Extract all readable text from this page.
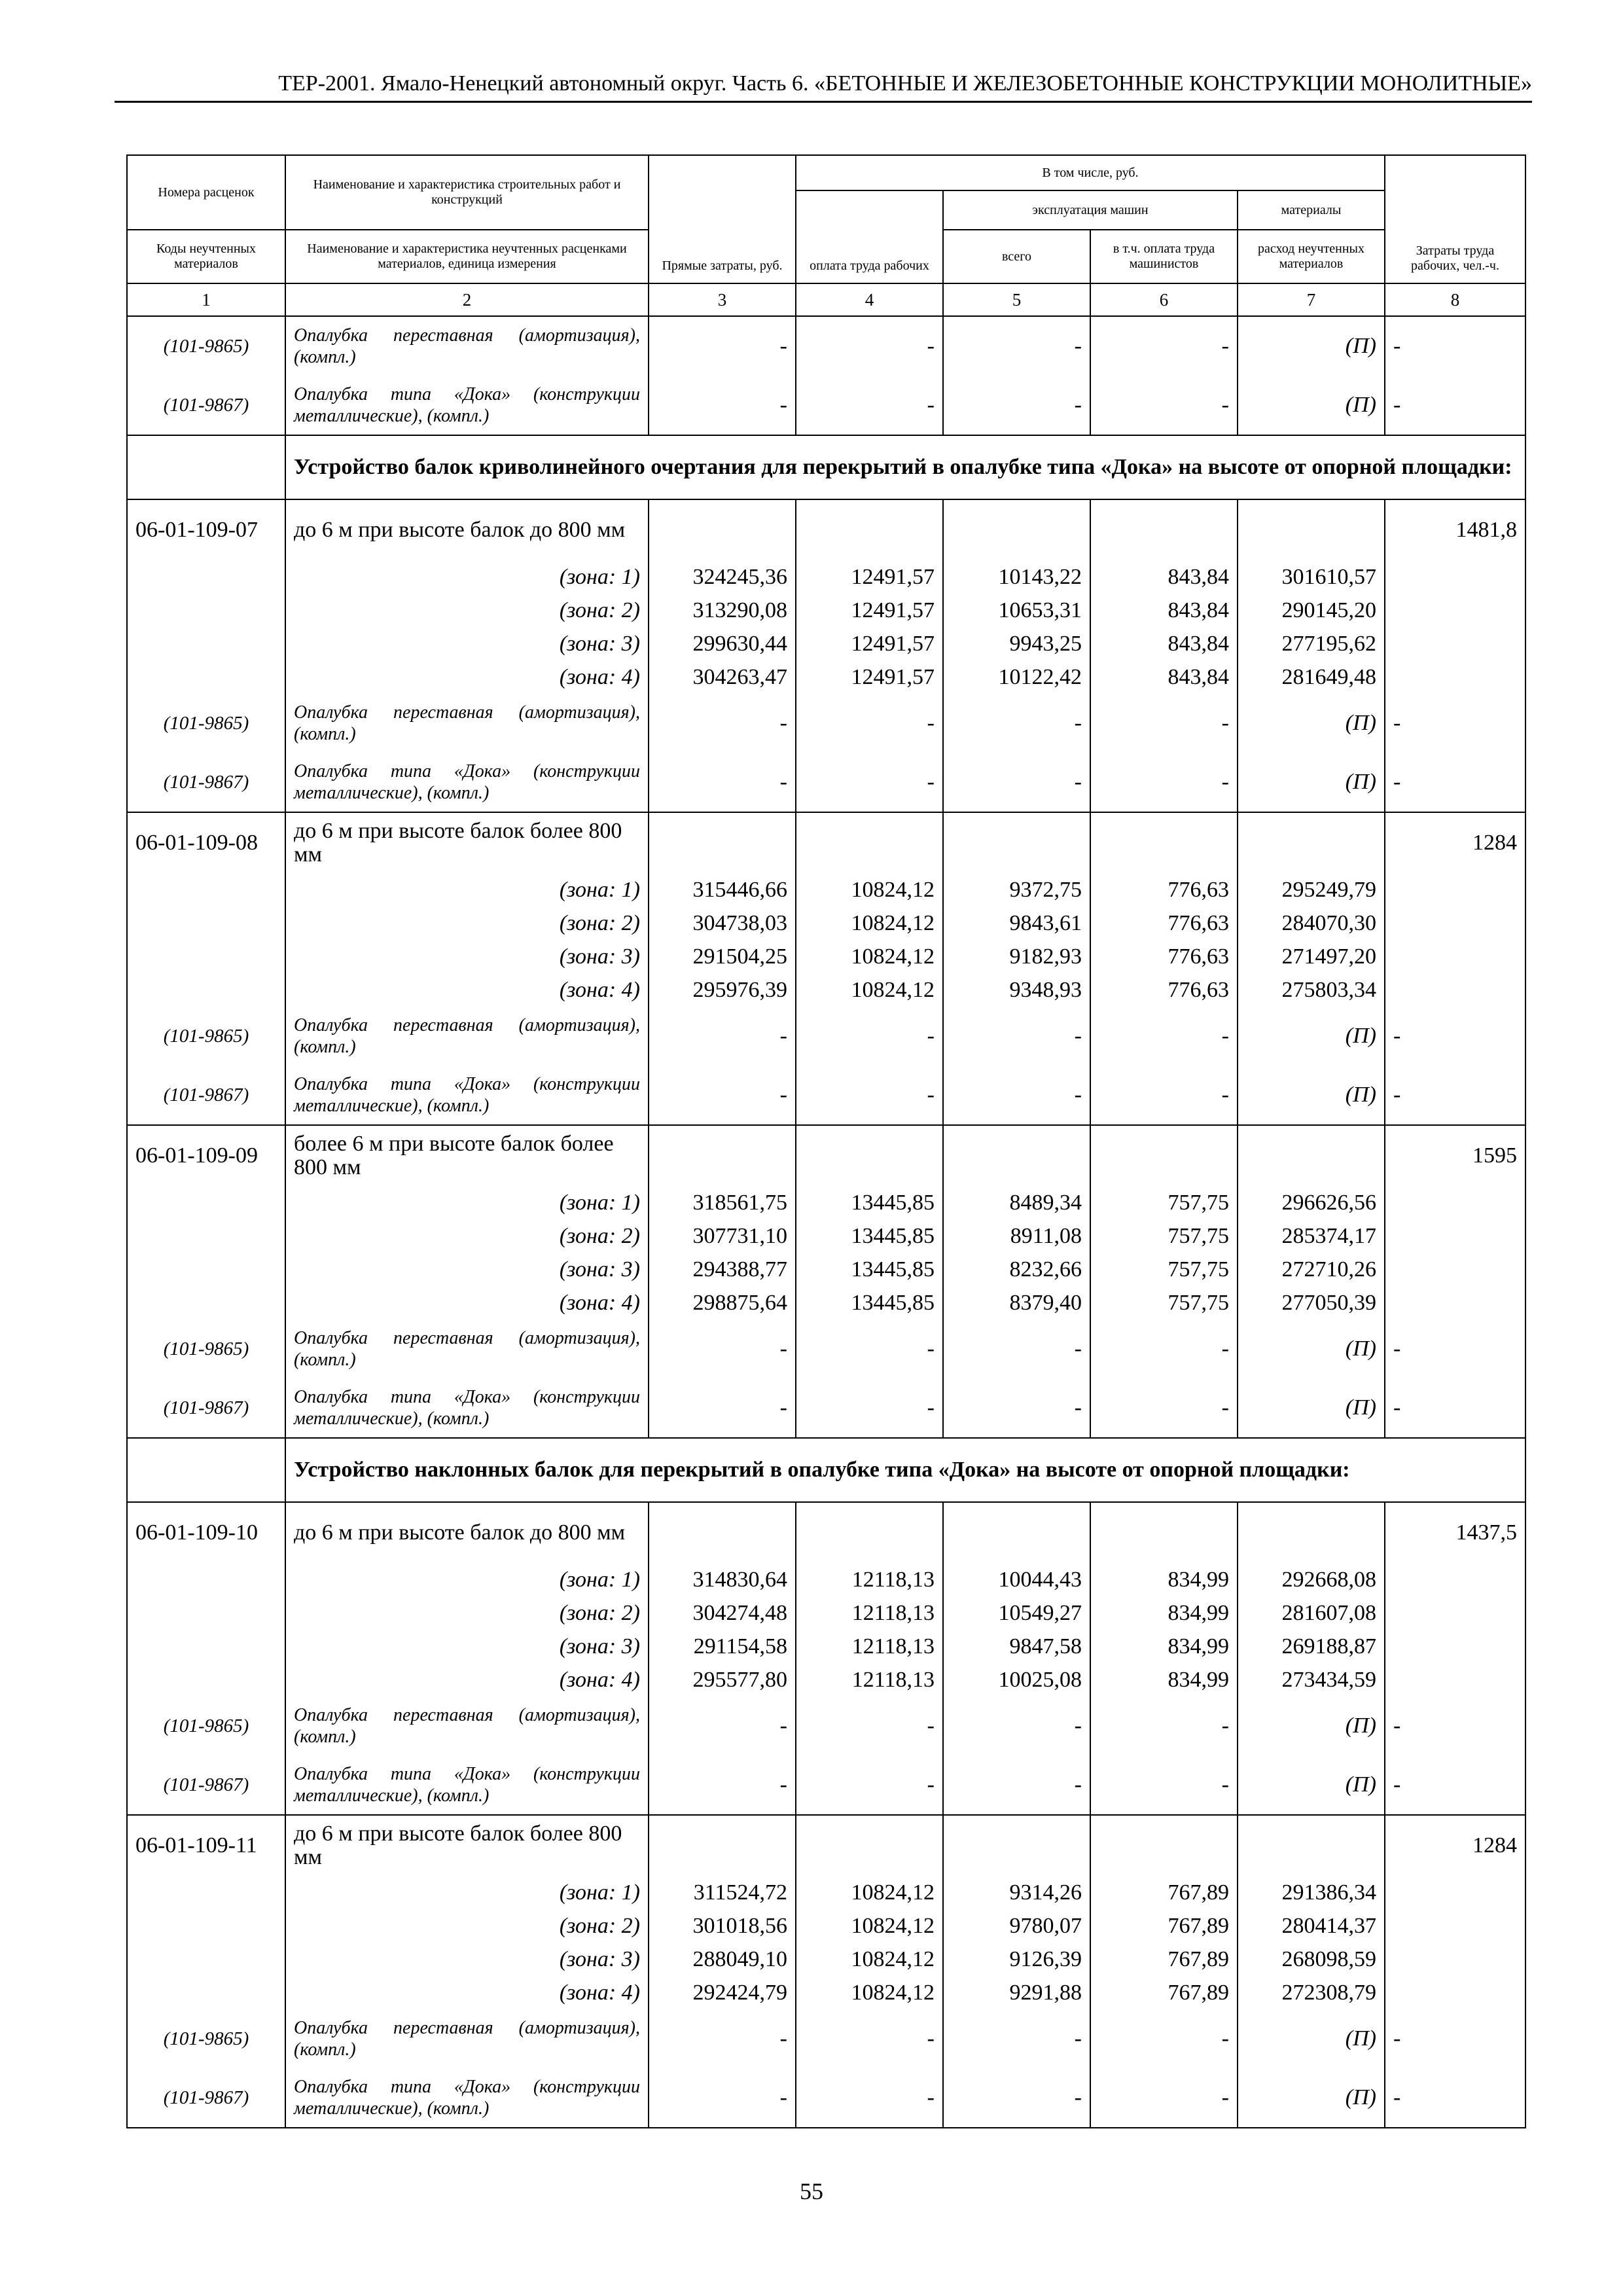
ТЕР-2001. Ямало-Ненецкий автономный округ. Часть 6. «БЕТОННЫЕ И ЖЕЛЕЗОБЕТОННЫЕ КОНСТРУКЦИИ МОНОЛИТНЫЕ»
Номера расценок	Наименование и характеристика строительных работ и конструкций	Прямые затраты, руб.	В том числе, руб.				Затраты труда рабочих, чел.-ч.
			оплата труда рабочих	эксплуатация машин		материалы	
Коды неучтенных материалов	Наименование и характеристика неучтенных расценками материалов, единица измерения			всего	в т.ч. оплата труда машинистов	расход неучтенных материалов	
1	2	3	4	5	6	7	8
(101-9865)	Опалубка переставная (амортизация), (компл.)	-	-	-	-	(П)	-
(101-9867)	Опалубка типа «Дока» (конструкции металлические), (компл.)	-	-	-	-	(П)	-
	Устройство балок криволинейного очертания для перекрытий в опалубке типа «Дока» на высоте от опорной площадки:						
06-01-109-07	до 6 м при высоте балок до 800 мм						1481,8
	(зона: 1)	324245,36	12491,57	10143,22	843,84	301610,57	
	(зона: 2)	313290,08	12491,57	10653,31	843,84	290145,20	
	(зона: 3)	299630,44	12491,57	9943,25	843,84	277195,62	
	(зона: 4)	304263,47	12491,57	10122,42	843,84	281649,48	
(101-9865)	Опалубка переставная (амортизация), (компл.)	-	-	-	-	(П)	-
(101-9867)	Опалубка типа «Дока» (конструкции металлические), (компл.)	-	-	-	-	(П)	-
06-01-109-08	до 6 м при высоте балок более 800 мм						1284
	(зона: 1)	315446,66	10824,12	9372,75	776,63	295249,79	
	(зона: 2)	304738,03	10824,12	9843,61	776,63	284070,30	
	(зона: 3)	291504,25	10824,12	9182,93	776,63	271497,20	
	(зона: 4)	295976,39	10824,12	9348,93	776,63	275803,34	
(101-9865)	Опалубка переставная (амортизация), (компл.)	-	-	-	-	(П)	-
(101-9867)	Опалубка типа «Дока» (конструкции металлические), (компл.)	-	-	-	-	(П)	-
06-01-109-09	более 6 м при высоте балок более 800 мм						1595
	(зона: 1)	318561,75	13445,85	8489,34	757,75	296626,56	
	(зона: 2)	307731,10	13445,85	8911,08	757,75	285374,17	
	(зона: 3)	294388,77	13445,85	8232,66	757,75	272710,26	
	(зона: 4)	298875,64	13445,85	8379,40	757,75	277050,39	
(101-9865)	Опалубка переставная (амортизация), (компл.)	-	-	-	-	(П)	-
(101-9867)	Опалубка типа «Дока» (конструкции металлические), (компл.)	-	-	-	-	(П)	-
	Устройство наклонных балок для перекрытий в опалубке типа «Дока» на высоте от опорной площадки:						
06-01-109-10	до 6 м при высоте балок до 800 мм						1437,5
	(зона: 1)	314830,64	12118,13	10044,43	834,99	292668,08	
	(зона: 2)	304274,48	12118,13	10549,27	834,99	281607,08	
	(зона: 3)	291154,58	12118,13	9847,58	834,99	269188,87	
	(зона: 4)	295577,80	12118,13	10025,08	834,99	273434,59	
(101-9865)	Опалубка переставная (амортизация), (компл.)	-	-	-	-	(П)	-
(101-9867)	Опалубка типа «Дока» (конструкции металлические), (компл.)	-	-	-	-	(П)	-
06-01-109-11	до 6 м при высоте балок более 800 мм						1284
	(зона: 1)	311524,72	10824,12	9314,26	767,89	291386,34	
	(зона: 2)	301018,56	10824,12	9780,07	767,89	280414,37	
	(зона: 3)	288049,10	10824,12	9126,39	767,89	268098,59	
	(зона: 4)	292424,79	10824,12	9291,88	767,89	272308,79	
(101-9865)	Опалубка переставная (амортизация), (компл.)	-	-	-	-	(П)	-
(101-9867)	Опалубка типа «Дока» (конструкции металлические), (компл.)	-	-	-	-	(П)	-
55
